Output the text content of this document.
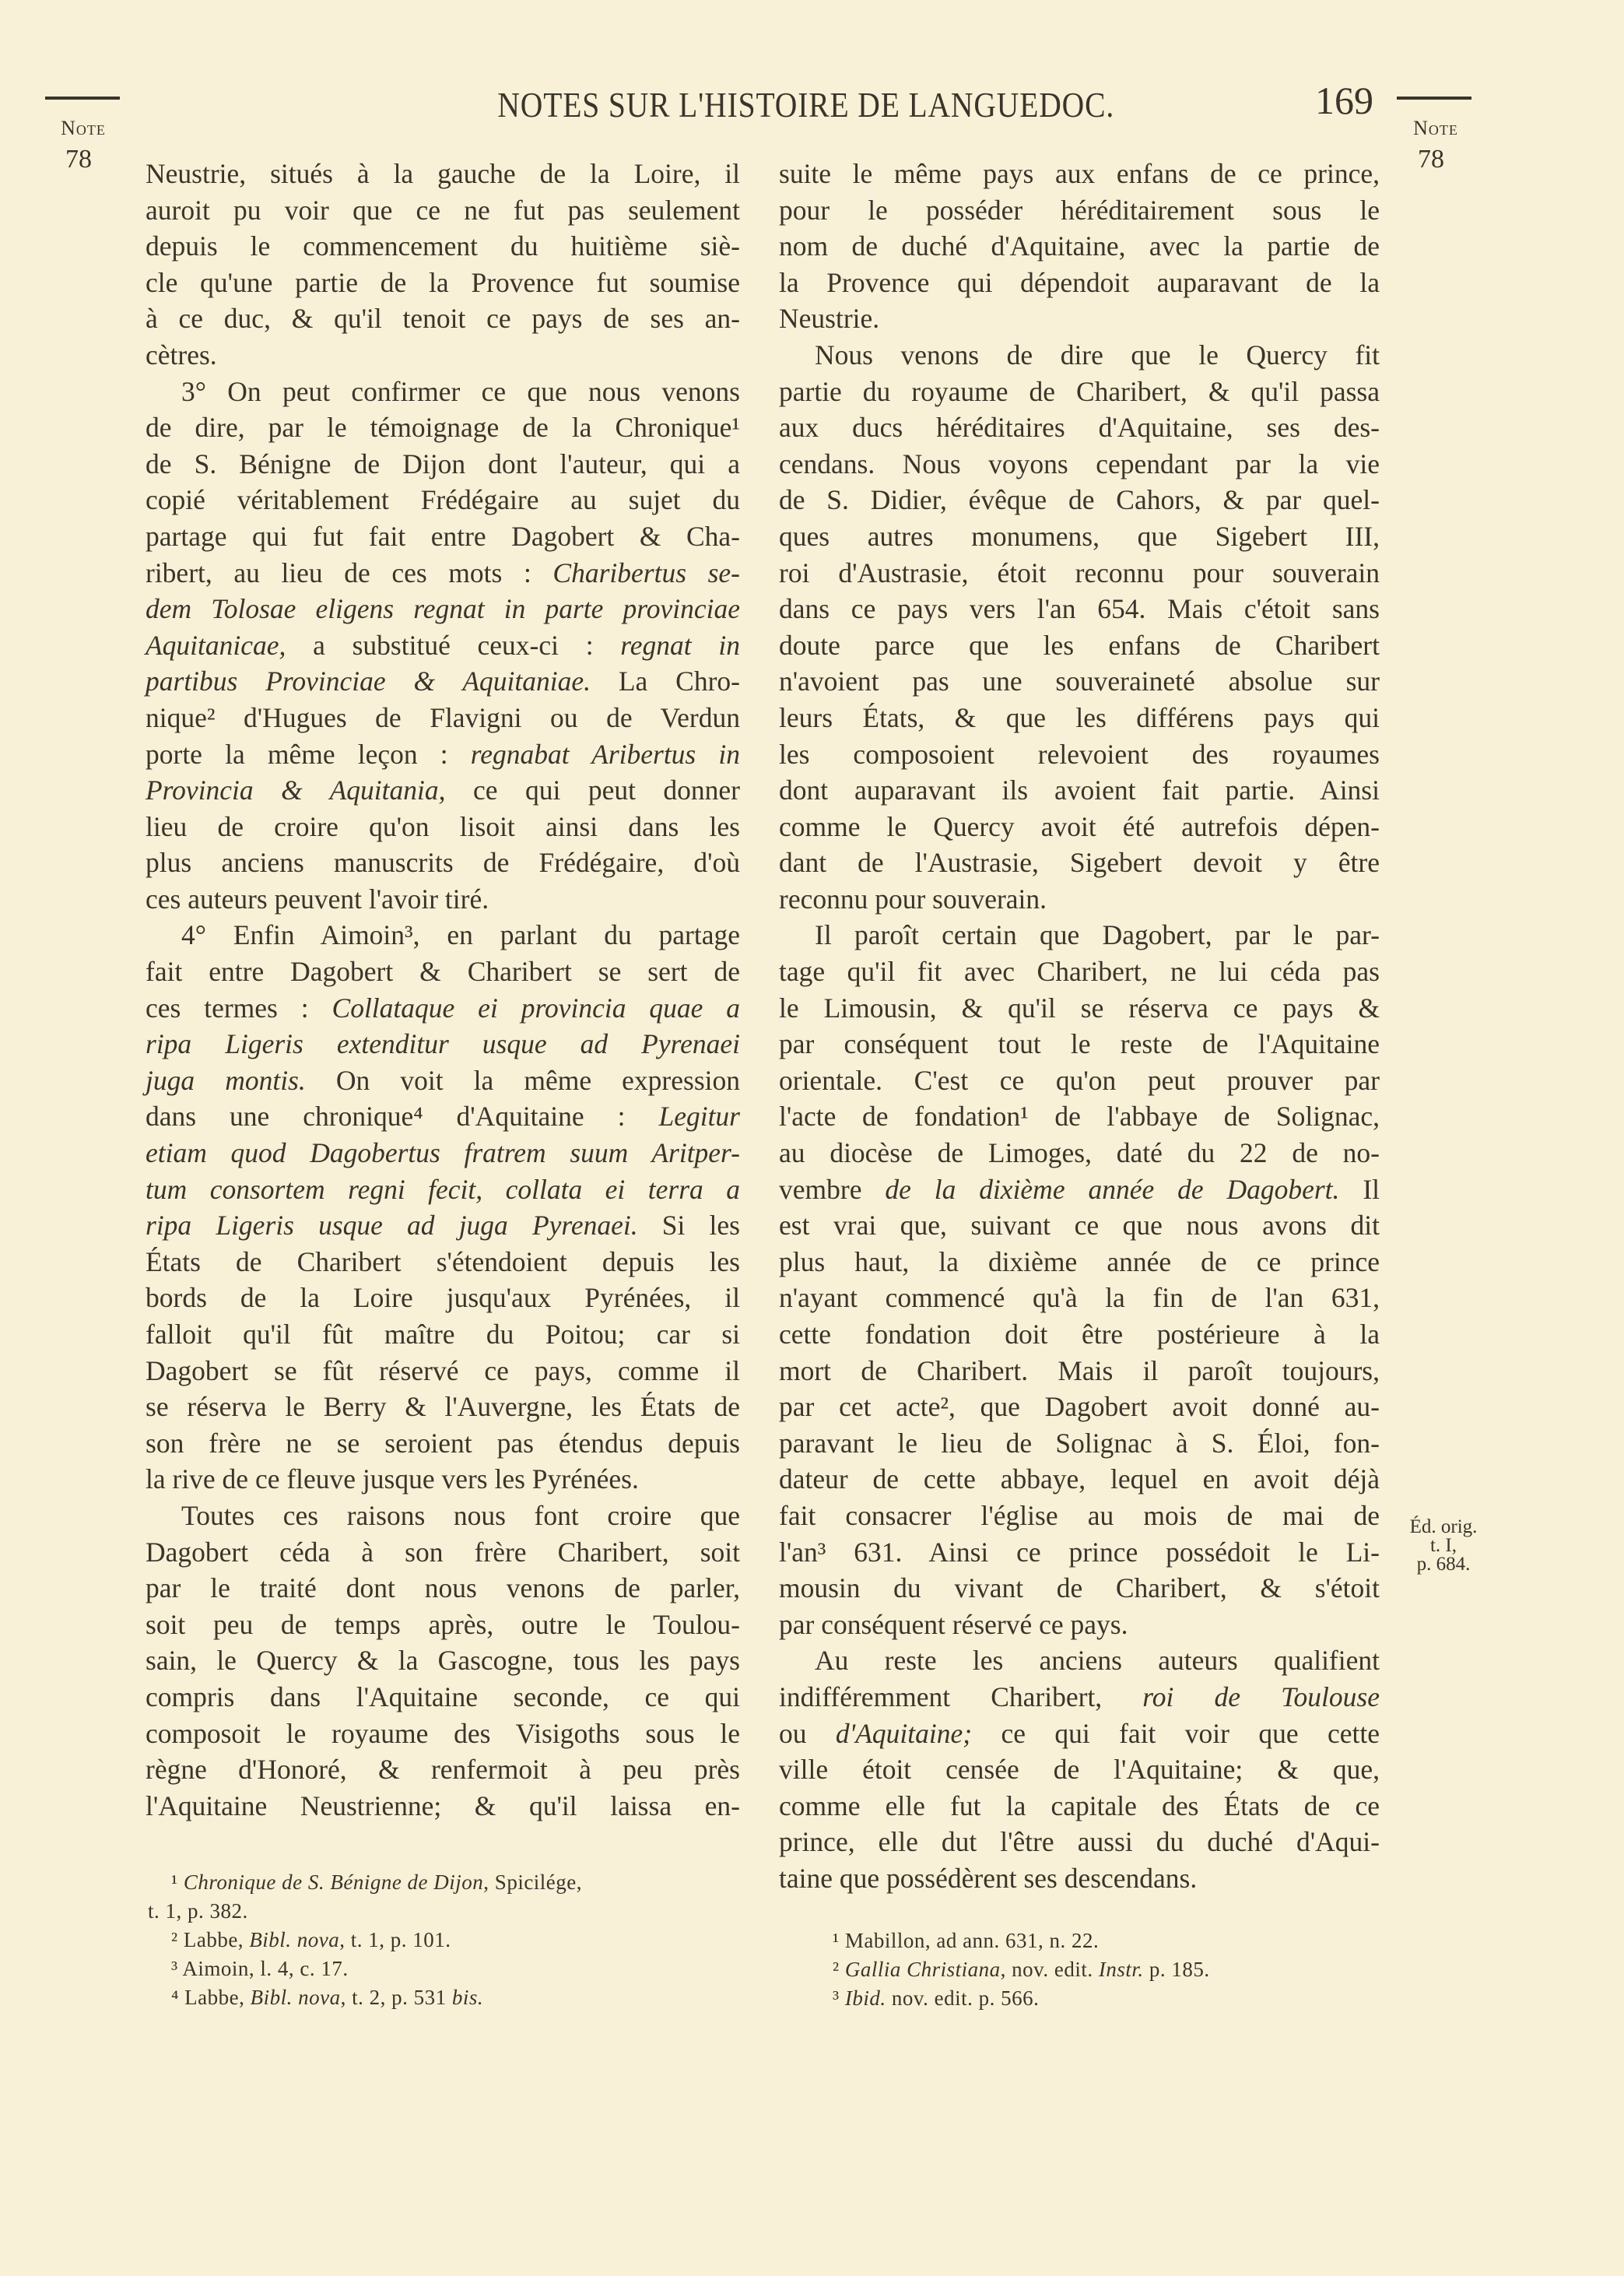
NOTES SUR L'HISTOIRE DE LANGUEDOC.	169
Note
78
Note
78
Neustrie, situés à la gauche de la Loire, il
auroit pu voir que ce ne fut pas seulement
depuis le commencement du huitième siè-
cle qu'une partie de la Provence fut soumise
à ce duc, & qu'il tenoit ce pays de ses an-
cètres.
3° On peut confirmer ce que nous venons
de dire, par le témoignage de la Chronique¹
de S. Bénigne de Dijon dont l'auteur, qui a
copié véritablement Frédégaire au sujet du
partage qui fut fait entre Dagobert & Cha-
ribert, au lieu de ces mots : Charibertus se-
dem Tolosae eligens regnat in parte provinciae
Aquitanicae, a substitué ceux-ci : regnat in
partibus Provinciae & Aquitaniae. La Chro-
nique² d'Hugues de Flavigni ou de Verdun
porte la même leçon : regnabat Aribertus in
Provincia & Aquitania, ce qui peut donner
lieu de croire qu'on lisoit ainsi dans les
plus anciens manuscrits de Frédégaire, d'où
ces auteurs peuvent l'avoir tiré.
4° Enfin Aimoin³, en parlant du partage
fait entre Dagobert & Charibert se sert de
ces termes : Collataque ei provincia quae a
ripa Ligeris extenditur usque ad Pyrenaei
juga montis. On voit la même expression
dans une chronique⁴ d'Aquitaine : Legitur
etiam quod Dagobertus fratrem suum Aritper-
tum consortem regni fecit, collata ei terra a
ripa Ligeris usque ad juga Pyrenaei. Si les
États de Charibert s'étendoient depuis les
bords de la Loire jusqu'aux Pyrénées, il
falloit qu'il fût maître du Poitou; car si
Dagobert se fût réservé ce pays, comme il
se réserva le Berry & l'Auvergne, les États de
son frère ne se seroient pas étendus depuis
la rive de ce fleuve jusque vers les Pyrénées.
Toutes ces raisons nous font croire que
Dagobert céda à son frère Charibert, soit
par le traité dont nous venons de parler,
soit peu de temps après, outre le Toulou-
sain, le Quercy & la Gascogne, tous les pays
compris dans l'Aquitaine seconde, ce qui
composoit le royaume des Visigoths sous le
règne d'Honoré, & renfermoit à peu près
l'Aquitaine Neustrienne; & qu'il laissa en-
suite le même pays aux enfans de ce prince,
pour le posséder héréditairement sous le
nom de duché d'Aquitaine, avec la partie de
la Provence qui dépendoit auparavant de la
Neustrie.
Nous venons de dire que le Quercy fit
partie du royaume de Charibert, & qu'il passa
aux ducs héréditaires d'Aquitaine, ses des-
cendans. Nous voyons cependant par la vie
de S. Didier, évêque de Cahors, & par quel-
ques autres monumens, que Sigebert III,
roi d'Austrasie, étoit reconnu pour souverain
dans ce pays vers l'an 654. Mais c'étoit sans
doute parce que les enfans de Charibert
n'avoient pas une souveraineté absolue sur
leurs États, & que les différens pays qui
les composoient relevoient des royaumes
dont auparavant ils avoient fait partie. Ainsi
comme le Quercy avoit été autrefois dépen-
dant de l'Austrasie, Sigebert devoit y être
reconnu pour souverain.
Il paroît certain que Dagobert, par le par-
tage qu'il fit avec Charibert, ne lui céda pas
le Limousin, & qu'il se réserva ce pays &
par conséquent tout le reste de l'Aquitaine
orientale. C'est ce qu'on peut prouver par
l'acte de fondation¹ de l'abbaye de Solignac,
au diocèse de Limoges, daté du 22 de no-
vembre de la dixième année de Dagobert. Il
est vrai que, suivant ce que nous avons dit
plus haut, la dixième année de ce prince
n'ayant commencé qu'à la fin de l'an 631,
cette fondation doit être postérieure à la
mort de Charibert. Mais il paroît toujours,
par cet acte², que Dagobert avoit donné au-
paravant le lieu de Solignac à S. Éloi, fon-
dateur de cette abbaye, lequel en avoit déjà
fait consacrer l'église au mois de mai de
l'an³ 631. Ainsi ce prince possédoit le Li-
mousin du vivant de Charibert, & s'étoit
par conséquent réservé ce pays.
Au reste les anciens auteurs qualifient
indifféremment Charibert, roi de Toulouse
ou d'Aquitaine; ce qui fait voir que cette
ville étoit censée de l'Aquitaine; & que,
comme elle fut la capitale des États de ce
prince, elle dut l'être aussi du duché d'Aqui-
taine que possédèrent ses descendans.
Éd. orig.
t. I,
p. 684.
¹ Chronique de S. Bénigne de Dijon, Spicilége,
t. 1, p. 382.
² Labbe, Bibl. nova, t. 1, p. 101.
³ Aimoin, l. 4, c. 17.
⁴ Labbe, Bibl. nova, t. 2, p. 531 bis.
¹ Mabillon, ad ann. 631, n. 22.
² Gallia Christiana, nov. edit. Instr. p. 185.
³ Ibid. nov. edit. p. 566.
